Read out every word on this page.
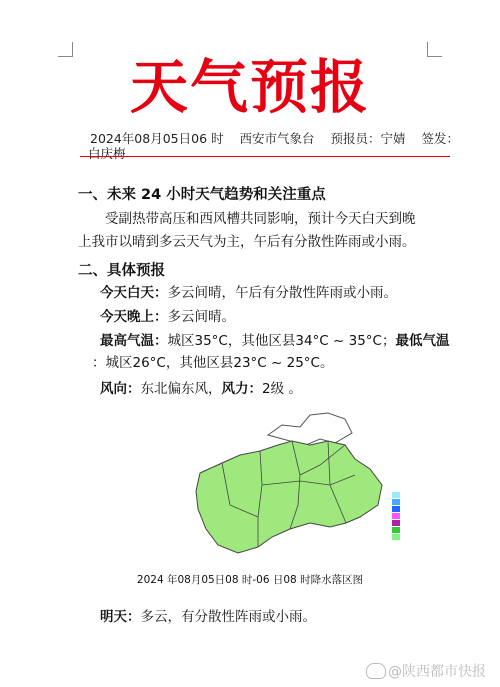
天气预报
2024年08月05日06 时 西安市气象台 预报员：宁婧 签发：
白庆梅
一、未来 24 小时天气趋势和关注重点
受副热带高压和西风槽共同影响，预计今天白天到晚上我市以晴到多云天气为主，午后有分散性阵雨或小雨。
二、具体预报
今天白天：多云间晴，午后有分散性阵雨或小雨。
今天晚上：多云间晴。
最高气温：城区35°C，其他区县34°C ~ 35°C；最低气温
：城区26°C，其他区县23°C ~ 25°C。
风向：东北偏东风，风力：2级 。
2024 年08月05日08 时-06 日08 时降水落区图
明天：多云，有分散性阵雨或小雨。
@陕西都市快报
